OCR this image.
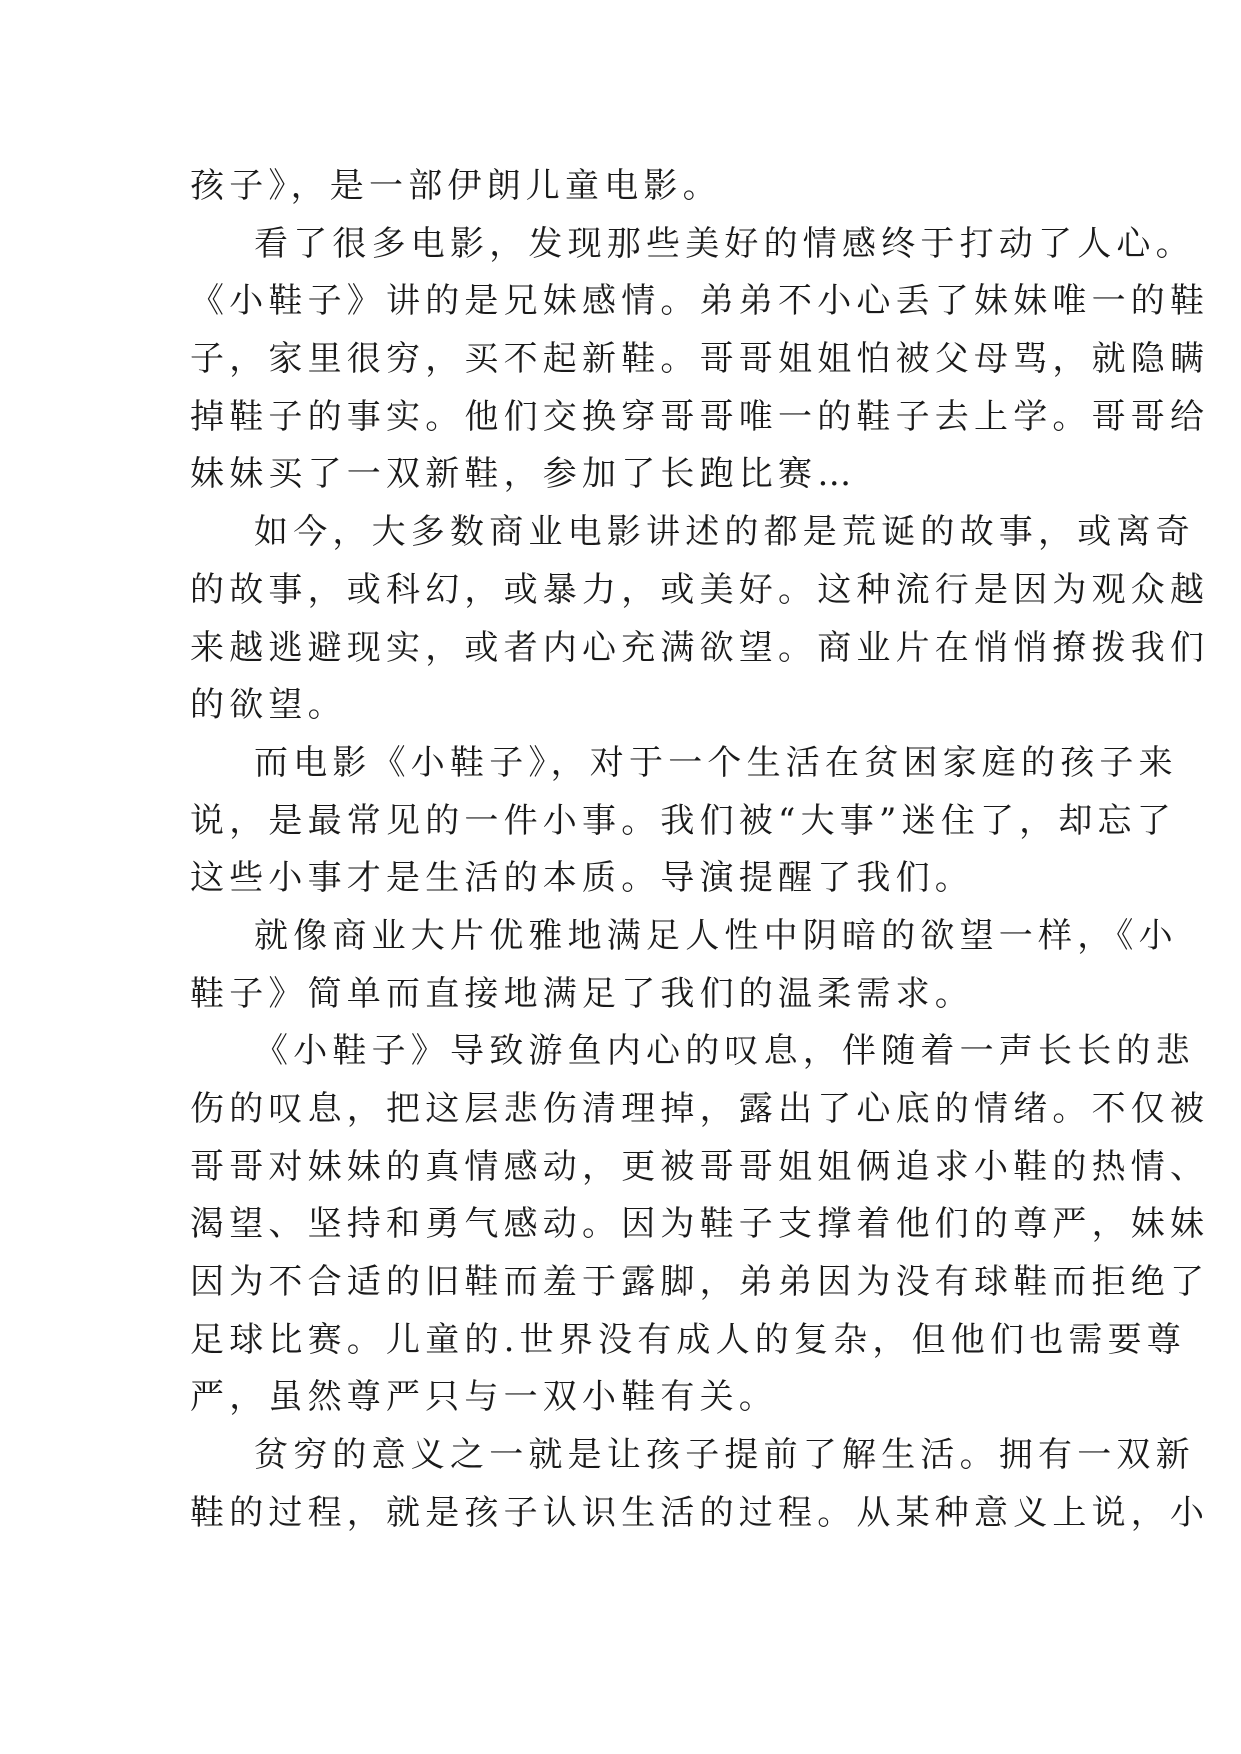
孩子》，是一部伊朗儿童电影。
看了很多电影，发现那些美好的情感终于打动了人心。
《小鞋子》讲的是兄妹感情。弟弟不小心丢了妹妹唯一的鞋
子，家里很穷，买不起新鞋。哥哥姐姐怕被父母骂，就隐瞒
掉鞋子的事实。他们交换穿哥哥唯一的鞋子去上学。哥哥给
妹妹买了一双新鞋，参加了长跑比赛…
如今，大多数商业电影讲述的都是荒诞的故事，或离奇
的故事，或科幻，或暴力，或美好。这种流行是因为观众越
来越逃避现实，或者内心充满欲望。商业片在悄悄撩拨我们
的欲望。
而电影《小鞋子》，对于一个生活在贫困家庭的孩子来
说，是最常见的一件小事。我们被“大事”迷住了，却忘了
这些小事才是生活的本质。导演提醒了我们。
就像商业大片优雅地满足人性中阴暗的欲望一样，《小
鞋子》简单而直接地满足了我们的温柔需求。
《小鞋子》导致游鱼内心的叹息，伴随着一声长长的悲
伤的叹息，把这层悲伤清理掉，露出了心底的情绪。不仅被
哥哥对妹妹的真情感动，更被哥哥姐姐俩追求小鞋的热情、
渴望、坚持和勇气感动。因为鞋子支撑着他们的尊严，妹妹
因为不合适的旧鞋而羞于露脚，弟弟因为没有球鞋而拒绝了
足球比赛。儿童的.世界没有成人的复杂，但他们也需要尊
严，虽然尊严只与一双小鞋有关。
贫穷的意义之一就是让孩子提前了解生活。拥有一双新
鞋的过程，就是孩子认识生活的过程。从某种意义上说，小
